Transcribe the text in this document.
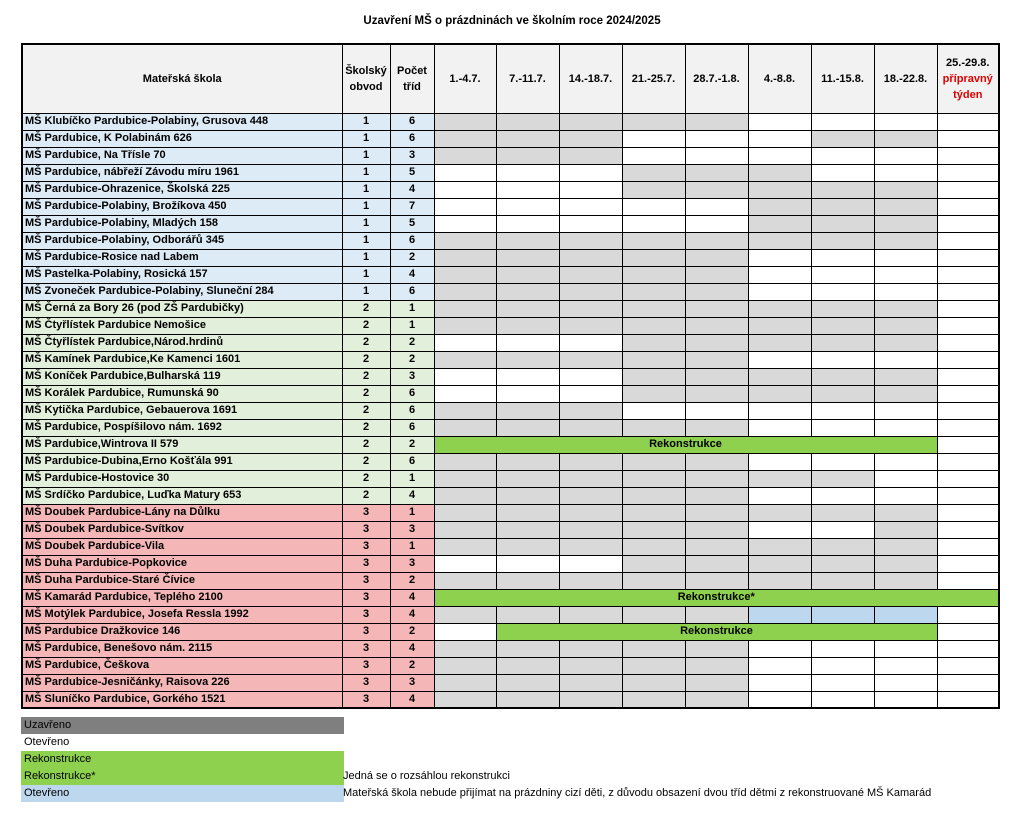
Uzavření MŠ o prázdninách ve školním roce 2024/2025
Mateřská škola	Školský obvod	Počet tříd	1.-4.7.	7.-11.7.	14.-18.7.	21.-25.7.	28.7.-1.8.	4.-8.8.	11.-15.8.	18.-22.8.	25.-29.8.
přípravný týden
MŠ Klubíčko Pardubice-Polabiny, Grusova 448	1	6									
MŠ Pardubice, K Polabinám 626	1	6									
MŠ Pardubice, Na Třísle 70	1	3									
MŠ Pardubice, nábřeží Závodu míru 1961	1	5									
MŠ Pardubice-Ohrazenice, Školská 225	1	4									
MŠ Pardubice-Polabiny, Brožíkova 450	1	7									
MŠ Pardubice-Polabiny, Mladých 158	1	5									
MŠ Pardubice-Polabiny, Odborářů 345	1	6									
MŠ Pardubice-Rosice nad Labem	1	2									
MŠ Pastelka-Polabiny, Rosická 157	1	4									
MŠ Zvoneček Pardubice-Polabiny, Sluneční 284	1	6									
MŠ Černá za Bory 26 (pod ZŠ Pardubičky)	2	1									
MŠ Čtyřlístek Pardubice Nemošice	2	1									
MŠ Čtyřlístek Pardubice,Národ.hrdinů	2	2									
MŠ Kamínek Pardubice,Ke Kamenci 1601	2	2									
MŠ Koníček Pardubice,Bulharská 119	2	3									
MŠ Korálek Pardubice, Rumunská 90	2	6									
MŠ Kytička Pardubice, Gebauerova 1691	2	6									
MŠ Pardubice, Pospíšilovo nám. 1692	2	6									
MŠ Pardubice,Wintrova II 579	2	2	Rekonstrukce								
MŠ Pardubice-Dubina,Erno Košťála 991	2	6									
MŠ Pardubice-Hostovice 30	2	1									
MŠ Srdíčko Pardubice, Luďka Matury 653	2	4									
MŠ Doubek Pardubice-Lány na Důlku	3	1									
MŠ Doubek Pardubice-Svítkov	3	3									
MŠ Doubek Pardubice-Vila	3	1									
MŠ Duha Pardubice-Popkovice	3	3									
MŠ Duha Pardubice-Staré Čívice	3	2									
MŠ Kamarád Pardubice, Teplého 2100	3	4	Rekonstrukce*								
MŠ Motýlek Pardubice, Josefa Ressla 1992	3	4									
MŠ Pardubice Dražkovice 146	3	2		Rekonstrukce							
MŠ Pardubice, Benešovo nám. 2115	3	4									
MŠ Pardubice, Češkova	3	2									
MŠ Pardubice-Jesničánky, Raisova 226	3	3									
MŠ Sluníčko Pardubice, Gorkého 1521	3	4									
Uzavřeno
Otevřeno
Rekonstrukce
Rekonstrukce*	Jedná se o rozsáhlou rekonstrukci
Otevřeno	Mateřská škola nebude přijímat na prázdniny cizí děti, z důvodu obsazení dvou tříd dětmi z rekonstruované MŠ Kamarád
